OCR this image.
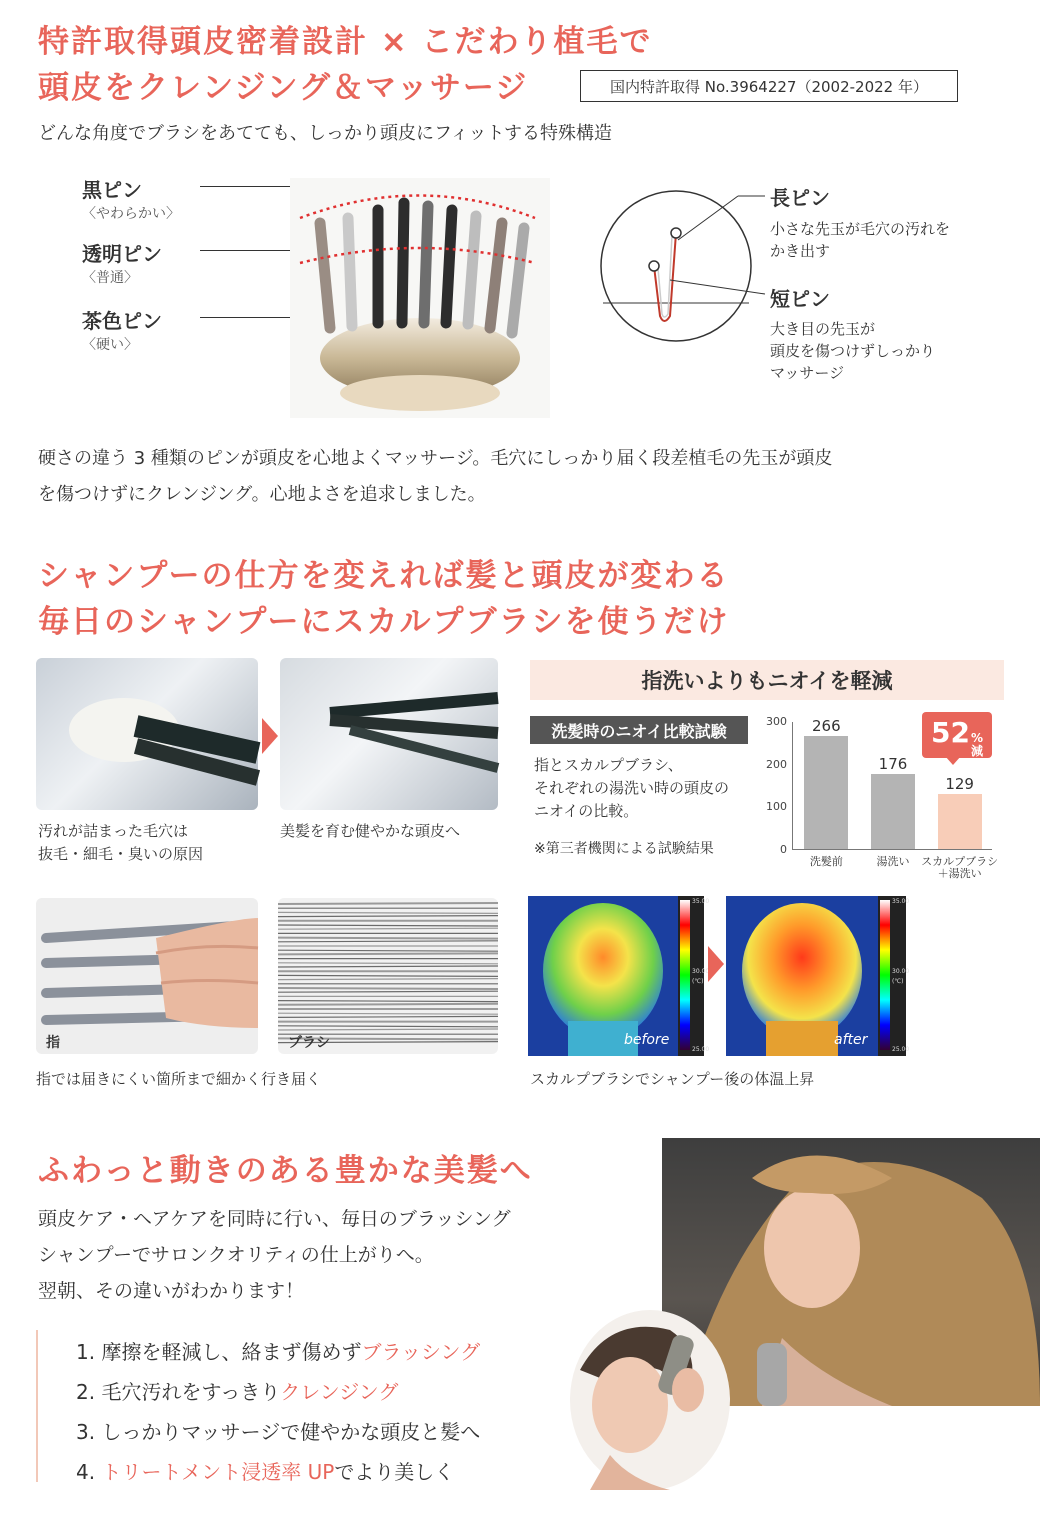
特許取得頭皮密着設計 × こだわり植毛で
頭皮をクレンジング＆マッサージ	国内特許取得 No.3964227（2002-2022 年）
どんな角度でブラシをあてても、しっかり頭皮にフィットする特殊構造
黒ピン
〈やわらかい〉
透明ピン
〈普通〉
茶色ピン
〈硬い〉
長ピン
小さな先玉が毛穴の汚れを
かき出す
短ピン
大き目の先玉が
頭皮を傷つけずしっかり
マッサージ
硬さの違う 3 種類のピンが頭皮を心地よくマッサージ。毛穴にしっかり届く段差植毛の先玉が頭皮
を傷つけずにクレンジング。心地よさを追求しました。
シャンプーの仕方を変えれば髪と頭皮が変わる
毎日のシャンプーにスカルプブラシを使うだけ
汚れが詰まった毛穴は
抜毛・細毛・臭いの原因
美髪を育む健やかな頭皮へ
指洗いよりもニオイを軽減
洗髪時のニオイ比較試験
指とスカルプブラシ、
それぞれの湯洗い時の頭皮の
ニオイの比較。
※第三者機関による試験結果	0
100
200
300	266
洗髪前
176
湯洗い
129
スカルプブラシ＋湯洗い
52 %
減
指	ブラシ
指では届きにくい箇所まで細かく行き届く
35.00
30.00
(℃)
25.00
before
35.00
30.00
(℃)
25.00
after
スカルプブラシでシャンプー後の体温上昇
ふわっと動きのある豊かな美髪へ
頭皮ケア・ヘアケアを同時に行い、毎日のブラッシング
シャンプーでサロンクオリティの仕上がりへ。
翌朝、その違いがわかります！
1. 摩擦を軽減し、絡まず傷めずブラッシング
2. 毛穴汚れをすっきりクレンジング
3. しっかりマッサージで健やかな頭皮と髪へ
4. トリートメント浸透率 UPでより美しく
